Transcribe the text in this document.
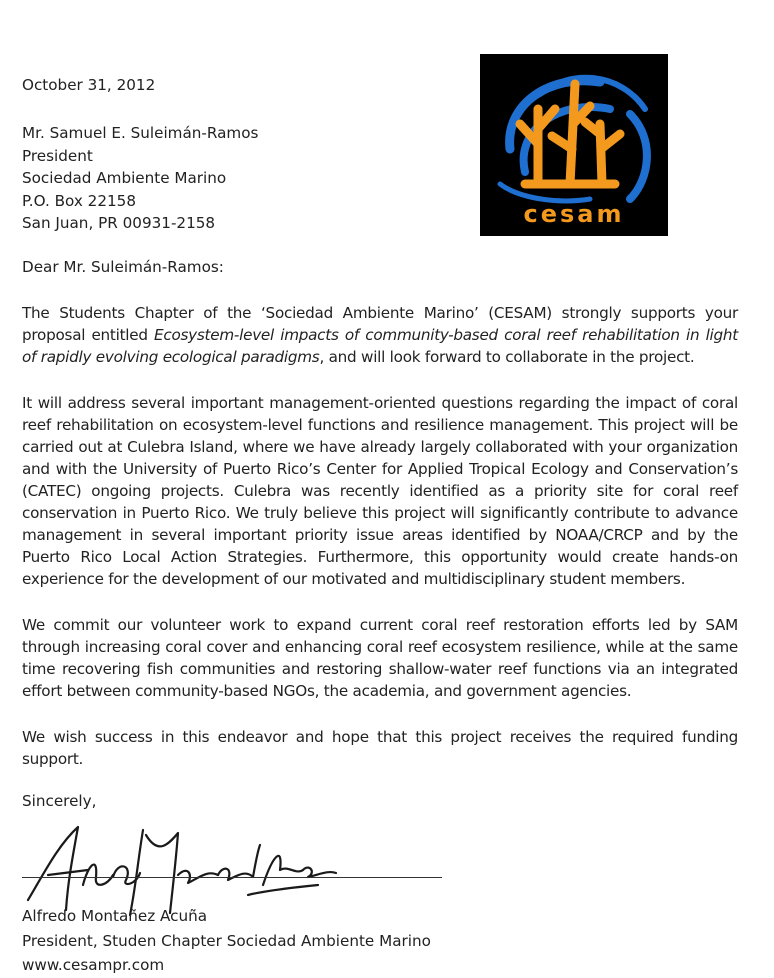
October 31, 2012
Mr. Samuel E. Suleimán-Ramos
President
Sociedad Ambiente Marino
P.O. Box 22158
San Juan, PR 00931-2158	cesam
Dear Mr. Suleimán-Ramos:

The Students Chapter of the ‘Sociedad Ambiente Marino’ (CESAM) strongly supports your proposal entitled Ecosystem-level impacts of community-based coral reef rehabilitation in light of rapidly evolving ecological paradigms, and will look forward to collaborate in the project.

It will address several important management-oriented questions regarding the impact of coral reef rehabilitation on ecosystem-level functions and resilience management. This project will be carried out at Culebra Island, where we have already largely collaborated with your organization and with the University of Puerto Rico’s Center for Applied Tropical Ecology and Conservation’s (CATEC) ongoing projects. Culebra was recently identified as a priority site for coral reef conservation in Puerto Rico. We truly believe this project will significantly contribute to advance management in several important priority issue areas identified by NOAA/CRCP and by the Puerto Rico Local Action Strategies. Furthermore, this opportunity would create hands-on experience for the development of our motivated and multidisciplinary student members.

We commit our volunteer work to expand current coral reef restoration efforts led by SAM through increasing coral cover and enhancing coral reef ecosystem resilience, while at the same time recovering fish communities and restoring shallow-water reef functions via an integrated effort between community-based NGOs, the academia, and government agencies.

We wish success in this endeavor and hope that this project receives the required funding support.

Sincerely,
Alfredo Montañez Acuña
President, Studen Chapter Sociedad Ambiente Marino
www.cesampr.com
